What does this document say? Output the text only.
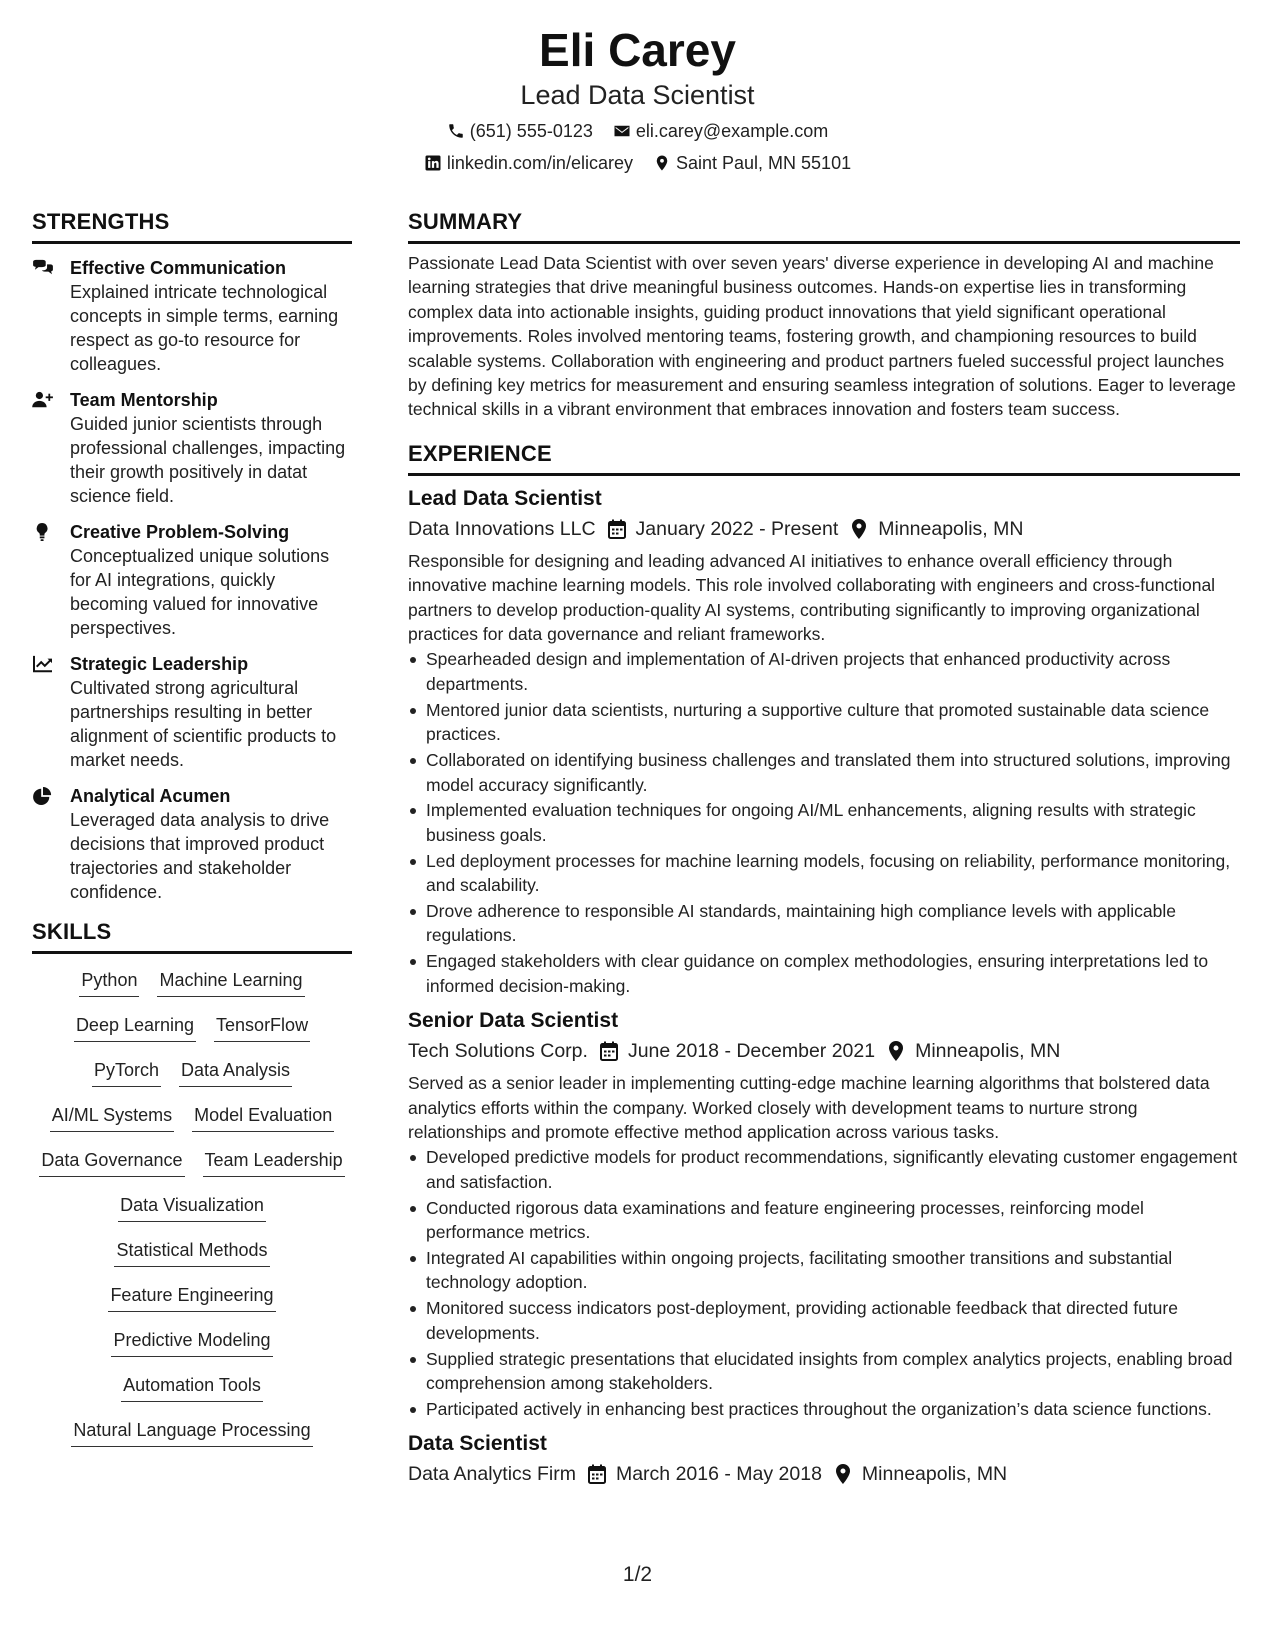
Eli Carey
Lead Data Scientist
(651) 555-0123 eli.carey@example.com
linkedin.com/in/elicarey Saint Paul, MN 55101
STRENGTHS
Effective Communication
Explained intricate technological concepts in simple terms, earning respect as go-to resource for colleagues.
Team Mentorship
Guided junior scientists through professional challenges, impacting their growth positively in datat science field.
Creative Problem-Solving
Conceptualized unique solutions for AI integrations, quickly becoming valued for innovative perspectives.
Strategic Leadership
Cultivated strong agricultural partnerships resulting in better alignment of scientific products to market needs.
Analytical Acumen
Leveraged data analysis to drive decisions that improved product trajectories and stakeholder confidence.
SKILLS
Python Machine Learning
Deep Learning TensorFlow
PyTorch Data Analysis
AI/ML Systems Model Evaluation
Data Governance Team Leadership
Data Visualization
Statistical Methods
Feature Engineering
Predictive Modeling
Automation Tools
Natural Language Processing
SUMMARY
Passionate Lead Data Scientist with over seven years' diverse experience in developing AI and machine learning strategies that drive meaningful business outcomes. Hands-on expertise lies in transforming complex data into actionable insights, guiding product innovations that yield significant operational improvements. Roles involved mentoring teams, fostering growth, and championing resources to build scalable systems. Collaboration with engineering and product partners fueled successful project launches by defining key metrics for measurement and ensuring seamless integration of solutions. Eager to leverage technical skills in a vibrant environment that embraces innovation and fosters team success.
EXPERIENCE
Lead Data Scientist
Data Innovations LLC January 2022 - Present Minneapolis, MN
Responsible for designing and leading advanced AI initiatives to enhance overall efficiency through innovative machine learning models. This role involved collaborating with engineers and cross-functional partners to develop production-quality AI systems, contributing significantly to improving organizational practices for data governance and reliant frameworks.
Spearheaded design and implementation of AI-driven projects that enhanced productivity across departments.
Mentored junior data scientists, nurturing a supportive culture that promoted sustainable data science practices.
Collaborated on identifying business challenges and translated them into structured solutions, improving model accuracy significantly.
Implemented evaluation techniques for ongoing AI/ML enhancements, aligning results with strategic business goals.
Led deployment processes for machine learning models, focusing on reliability, performance monitoring, and scalability.
Drove adherence to responsible AI standards, maintaining high compliance levels with applicable regulations.
Engaged stakeholders with clear guidance on complex methodologies, ensuring interpretations led to informed decision-making.
Senior Data Scientist
Tech Solutions Corp. June 2018 - December 2021 Minneapolis, MN
Served as a senior leader in implementing cutting-edge machine learning algorithms that bolstered data analytics efforts within the company. Worked closely with development teams to nurture strong relationships and promote effective method application across various tasks.
Developed predictive models for product recommendations, significantly elevating customer engagement and satisfaction.
Conducted rigorous data examinations and feature engineering processes, reinforcing model performance metrics.
Integrated AI capabilities within ongoing projects, facilitating smoother transitions and substantial technology adoption.
Monitored success indicators post-deployment, providing actionable feedback that directed future developments.
Supplied strategic presentations that elucidated insights from complex analytics projects, enabling broad comprehension among stakeholders.
Participated actively in enhancing best practices throughout the organization’s data science functions.
Data Scientist
Data Analytics Firm March 2016 - May 2018 Minneapolis, MN
1/2
